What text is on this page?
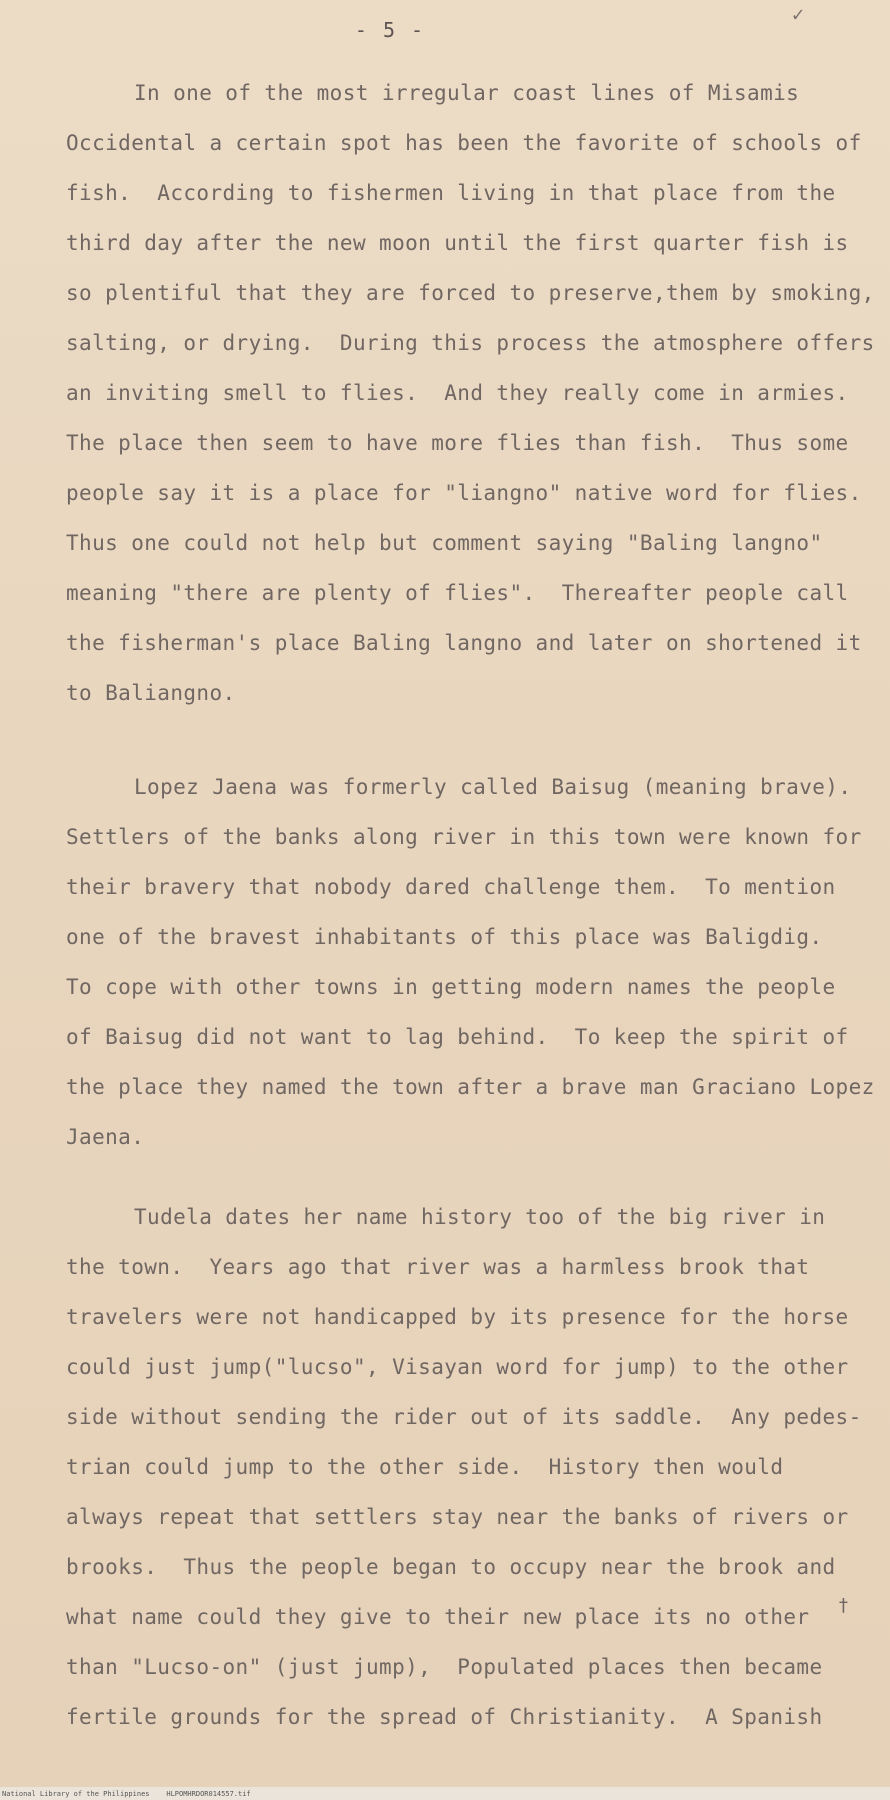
- 5 -
✓
In one of the most irregular coast lines of Misamis
Occidental a certain spot has been the favorite of schools of
fish.  According to fishermen living in that place from the
third day after the new moon until the first quarter fish is
so plentiful that they are forced to preserve,them by smoking,
salting, or drying.  During this process the atmosphere offers
an inviting smell to flies.  And they really come in armies.
The place then seem to have more flies than fish.  Thus some
people say it is a place for "liangno" native word for flies.
Thus one could not help but comment saying "Baling langno"
meaning "there are plenty of flies".  Thereafter people call
the fisherman's place Baling langno and later on shortened it
to Baliangno.
Lopez Jaena was formerly called Baisug (meaning brave).
Settlers of the banks along river in this town were known for
their bravery that nobody dared challenge them.  To mention
one of the bravest inhabitants of this place was Baligdig.
To cope with other towns in getting modern names the people
of Baisug did not want to lag behind.  To keep the spirit of
the place they named the town after a brave man Graciano Lopez
Jaena.
Tudela dates her name history too of the big river in
the town.  Years ago that river was a harmless brook that
travelers were not handicapped by its presence for the horse
could just jump("lucso", Visayan word for jump) to the other
side without sending the rider out of its saddle.  Any pedes-
trian could jump to the other side.  History then would
always repeat that settlers stay near the banks of rivers or
brooks.  Thus the people began to occupy near the brook and
what name could they give to their new place its no other
than "Lucso-on" (just jump),  Populated places then became
fertile grounds for the spread of Christianity.  A Spanish
†
National Library of the Philippines    HLPOMHRDOR014557.tif
